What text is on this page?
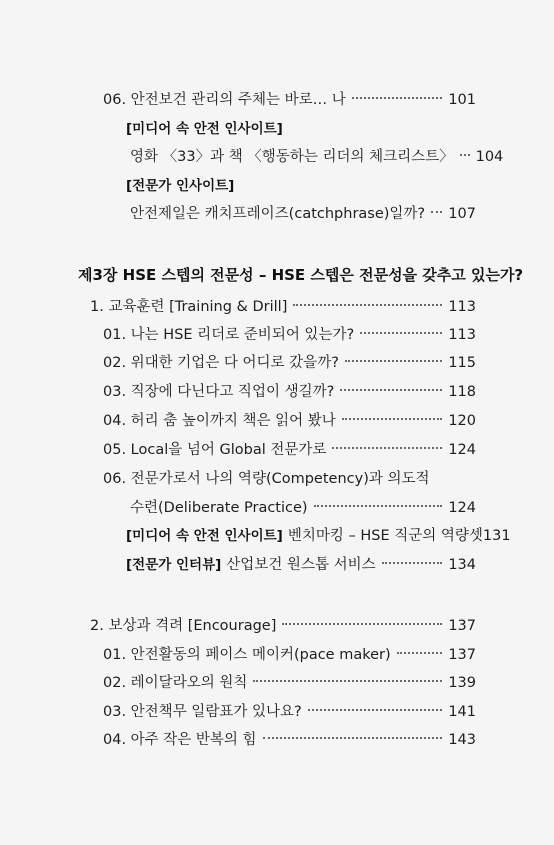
06. 안전보건 관리의 주체는 바로… 나	101
[미디어 속 안전 인사이트]
영화 〈33〉과 책 〈행동하는 리더의 체크리스트〉 104
[전문가 인사이트]
안전제일은 캐치프레이즈(catchphrase)일까? 107
제3장 HSE 스텝의 전문성 – HSE 스텝은 전문성을 갖추고 있는가?
1. 교육훈련 [Training & Drill]	113
01. 나는 HSE 리더로 준비되어 있는가?	113
02. 위대한 기업은 다 어디로 갔을까?	115
03. 직장에 다닌다고 직업이 생길까?	118
04. 허리 춤 높이까지 책은 읽어 봤나	120
05. Local을 넘어 Global 전문가로	124
06. 전문가로서 나의 역량(Competency)과 의도적
수련(Deliberate Practice)	124
[미디어 속 안전 인사이트] 벤치마킹 – HSE 직군의 역량셋 131
[전문가 인터뷰] 산업보건 원스톱 서비스	134
2. 보상과 격려 [Encourage]	137
01. 안전활동의 페이스 메이커(pace maker)	137
02. 레이달라오의 원칙	139
03. 안전책무 일람표가 있나요?	141
04. 아주 작은 반복의 힘	143
